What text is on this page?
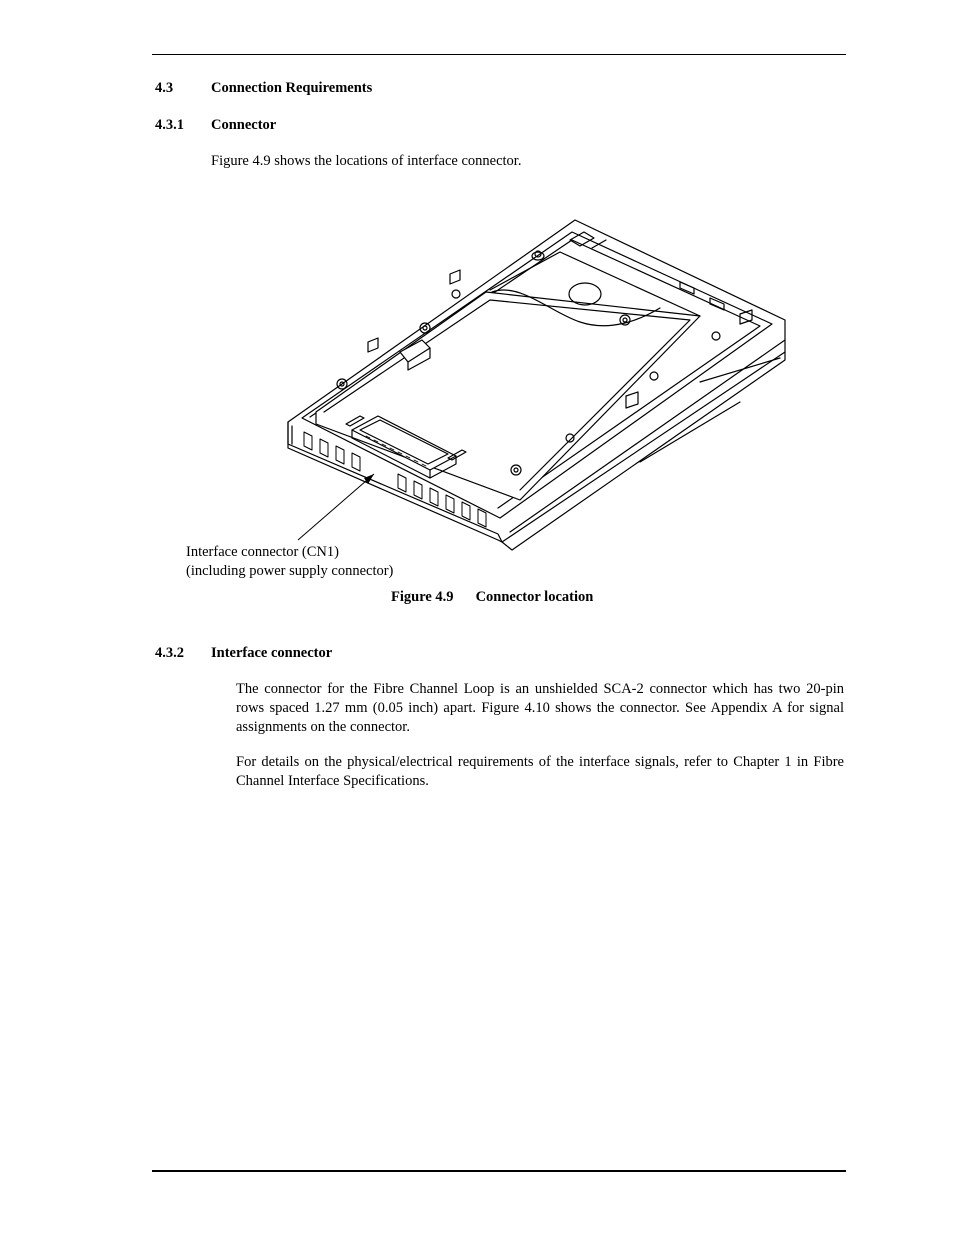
4.3	Connection Requirements
4.3.1 Connector
Figure 4.9 shows the locations of interface connector.
Interface connector (CN1)
(including power supply connector)
Figure 4.9 Connector location
4.3.2 Interface connector
The connector for the Fibre Channel Loop is an unshielded SCA-2 connector which has two 20-pin rows spaced 1.27 mm (0.05 inch) apart. Figure 4.10 shows the connector. See Appendix A for signal assignments on the connector.
For details on the physical/electrical requirements of the interface signals, refer to Chapter 1 in Fibre Channel Interface Specifications.
